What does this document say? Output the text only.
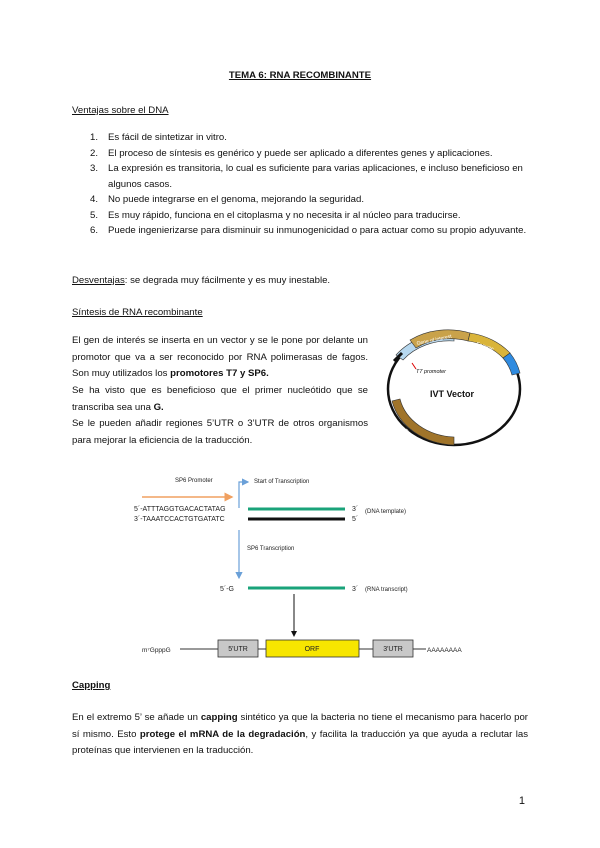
TEMA 6: RNA RECOMBINANTE
Ventajas sobre el DNA
1. Es fácil de sintetizar in vitro.
2. El proceso de síntesis es genérico y puede ser aplicado a diferentes genes y aplicaciones.
3. La expresión es transitoria, lo cual es suficiente para varias aplicaciones, e incluso beneficioso en algunos casos.
4. No puede integrarse en el genoma, mejorando la seguridad.
5. Es muy rápido, funciona en el citoplasma y no necesita ir al núcleo para traducirse.
6. Puede ingenierizarse para disminuir su inmunogenicidad o para actuar como su propio adyuvante.
Desventajas: se degrada muy fácilmente y es muy inestable.
Síntesis de RNA recombinante
El gen de interés se inserta en un vector y se le pone por delante un promotor que va a ser reconocido por RNA polimerasas de fagos. Son muy utilizados los promotores T7 y SP6.
Se ha visto que es beneficioso que el primer nucleótido que se transcriba sea una G.
Se le pueden añadir regiones 5’UTR o 3’UTR de otros organismos para mejorar la eficiencia de la traducción.
Gene of interest	Enzyme
T7 promoter
IVT Vector
Res
SP6 Promoter	Start of Transcription
5´-ATTTAGGTGACACTATAG
3´-TAAATCCACTGTGATATC
3´
5´
(DNA template)
SP6 Transcription
5´-G	3´ (RNA transcript)
m⁷GpppG	5'UTR	ORF	3'UTR	AAAAAAAA
Capping
En el extremo 5’ se añade un capping sintético ya que la bacteria no tiene el mecanismo para hacerlo por sí mismo. Esto protege el mRNA de la degradación, y facilita la traducción ya que ayuda a reclutar las proteínas que intervienen en la traducción.
1
